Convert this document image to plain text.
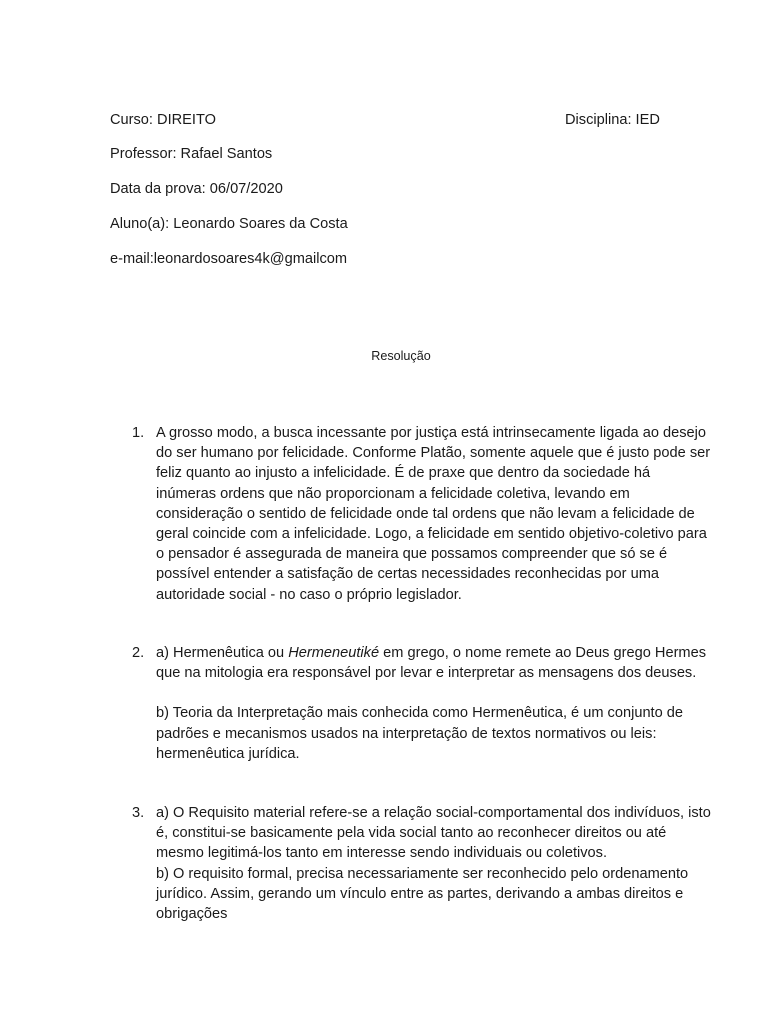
Curso: DIREITO	Disciplina: IED
Professor: Rafael Santos
Data da prova: 06/07/2020
Aluno(a): Leonardo Soares da Costa
e-mail:leonardosoares4k@gmailcom
Resolução
1. A grosso modo, a busca incessante por justiça está intrinsecamente ligada ao desejo do ser humano por felicidade. Conforme Platão, somente aquele que é justo pode ser feliz quanto ao injusto a infelicidade. É de praxe que dentro da sociedade há inúmeras ordens que não proporcionam a felicidade coletiva, levando em consideração o sentido de felicidade onde tal ordens que não levam a felicidade de geral coincide com a infelicidade. Logo, a felicidade em sentido objetivo-coletivo para o pensador é assegurada de maneira que possamos compreender que só se é possível entender a satisfação de certas necessidades reconhecidas por uma autoridade social - no caso o próprio legislador.

2. a) Hermenêutica ou Hermeneutiké em grego, o nome remete ao Deus grego Hermes que na mitologia era responsável por levar e interpretar as mensagens dos deuses.

b) Teoria da Interpretação mais conhecida como Hermenêutica, é um conjunto de padrões e mecanismos usados na interpretação de textos normativos ou leis: hermenêutica jurídica.

3. a) O Requisito material refere-se a relação social-comportamental dos indivíduos, isto é, constitui-se basicamente pela vida social tanto ao reconhecer direitos ou até mesmo legitimá-los tanto em interesse sendo individuais ou coletivos.

b) O requisito formal, precisa necessariamente ser reconhecido pelo ordenamento jurídico. Assim, gerando um vínculo entre as partes, derivando a ambas direitos e obrigações
